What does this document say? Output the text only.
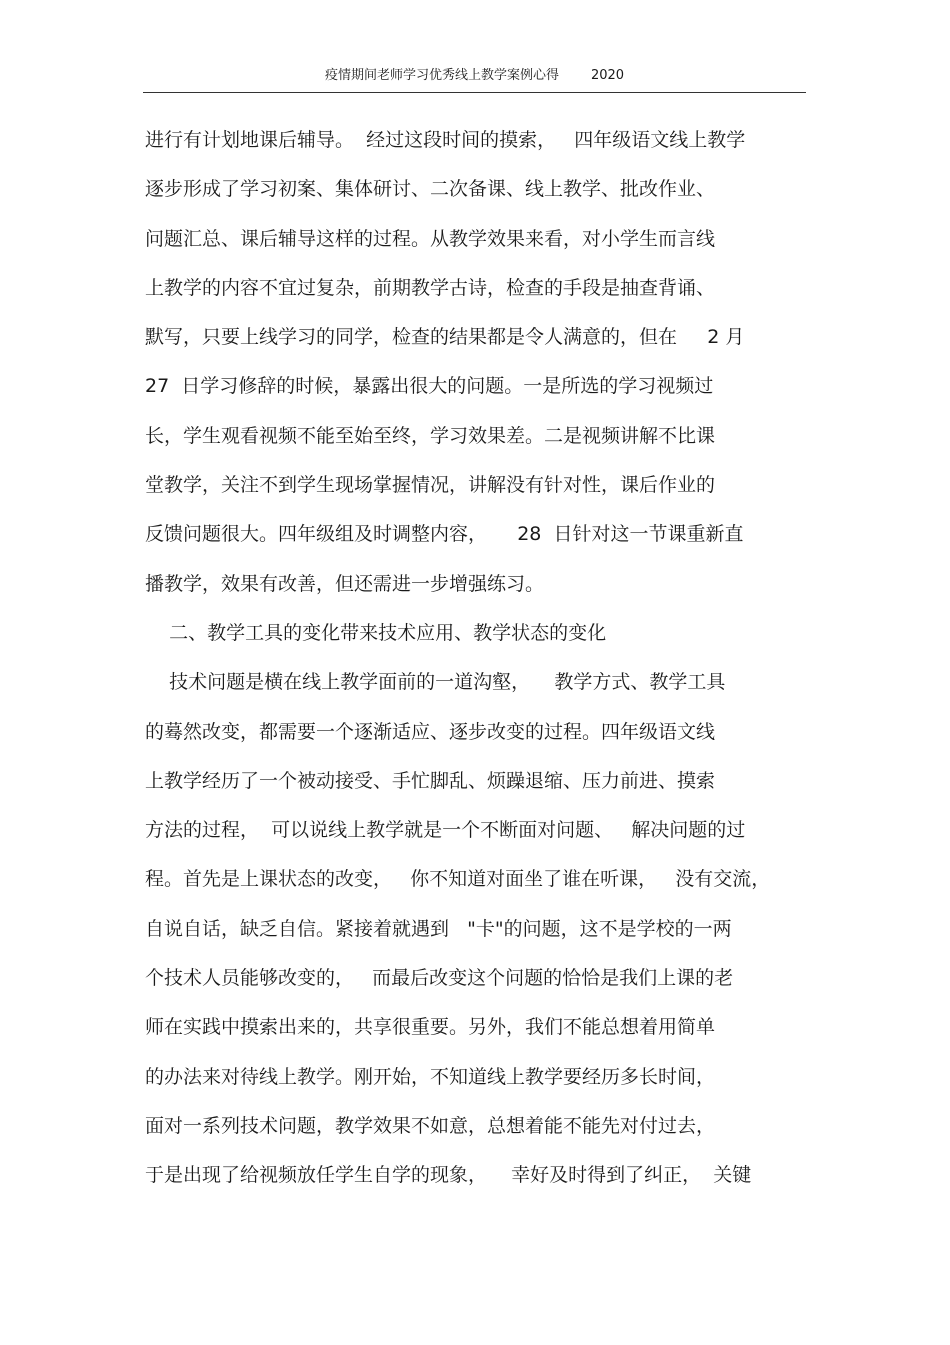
疫情期间老师学习优秀线上教学案例心得 2020
进行有计划地课后辅导。  经过这段时间的摸索，   四年级语文线上教学
逐步形成了学习初案、集体研讨、二次备课、线上教学、批改作业、
问题汇总、课后辅导这样的过程。从教学效果来看，对小学生而言线
上教学的内容不宜过复杂，前期教学古诗，检查的手段是抽查背诵、
默写，只要上线学习的同学，检查的结果都是令人满意的，但在     2 月
27  日学习修辞的时候，暴露出很大的问题。一是所选的学习视频过
长，学生观看视频不能至始至终，学习效果差。二是视频讲解不比课
堂教学，关注不到学生现场掌握情况，讲解没有针对性，课后作业的
反馈问题很大。四年级组及时调整内容，     28  日针对这一节课重新直
播教学，效果有改善，但还需进一步增强练习。
二、教学工具的变化带来技术应用、教学状态的变化
技术问题是横在线上教学面前的一道沟壑，    教学方式、教学工具
的蓦然改变，都需要一个逐渐适应、逐步改变的过程。四年级语文线
上教学经历了一个被动接受、手忙脚乱、烦躁退缩、压力前进、摸索
方法的过程，  可以说线上教学就是一个不断面对问题、   解决问题的过
程。首先是上课状态的改变，   你不知道对面坐了谁在听课，   没有交流，
自说自话，缺乏自信。紧接着就遇到   "卡"的问题，这不是学校的一两
个技术人员能够改变的，   而最后改变这个问题的恰恰是我们上课的老
师在实践中摸索出来的，共享很重要。另外，我们不能总想着用简单
的办法来对待线上教学。刚开始，不知道线上教学要经历多长时间，
面对一系列技术问题，教学效果不如意，总想着能不能先对付过去，
于是出现了给视频放任学生自学的现象，    幸好及时得到了纠正，  关键
